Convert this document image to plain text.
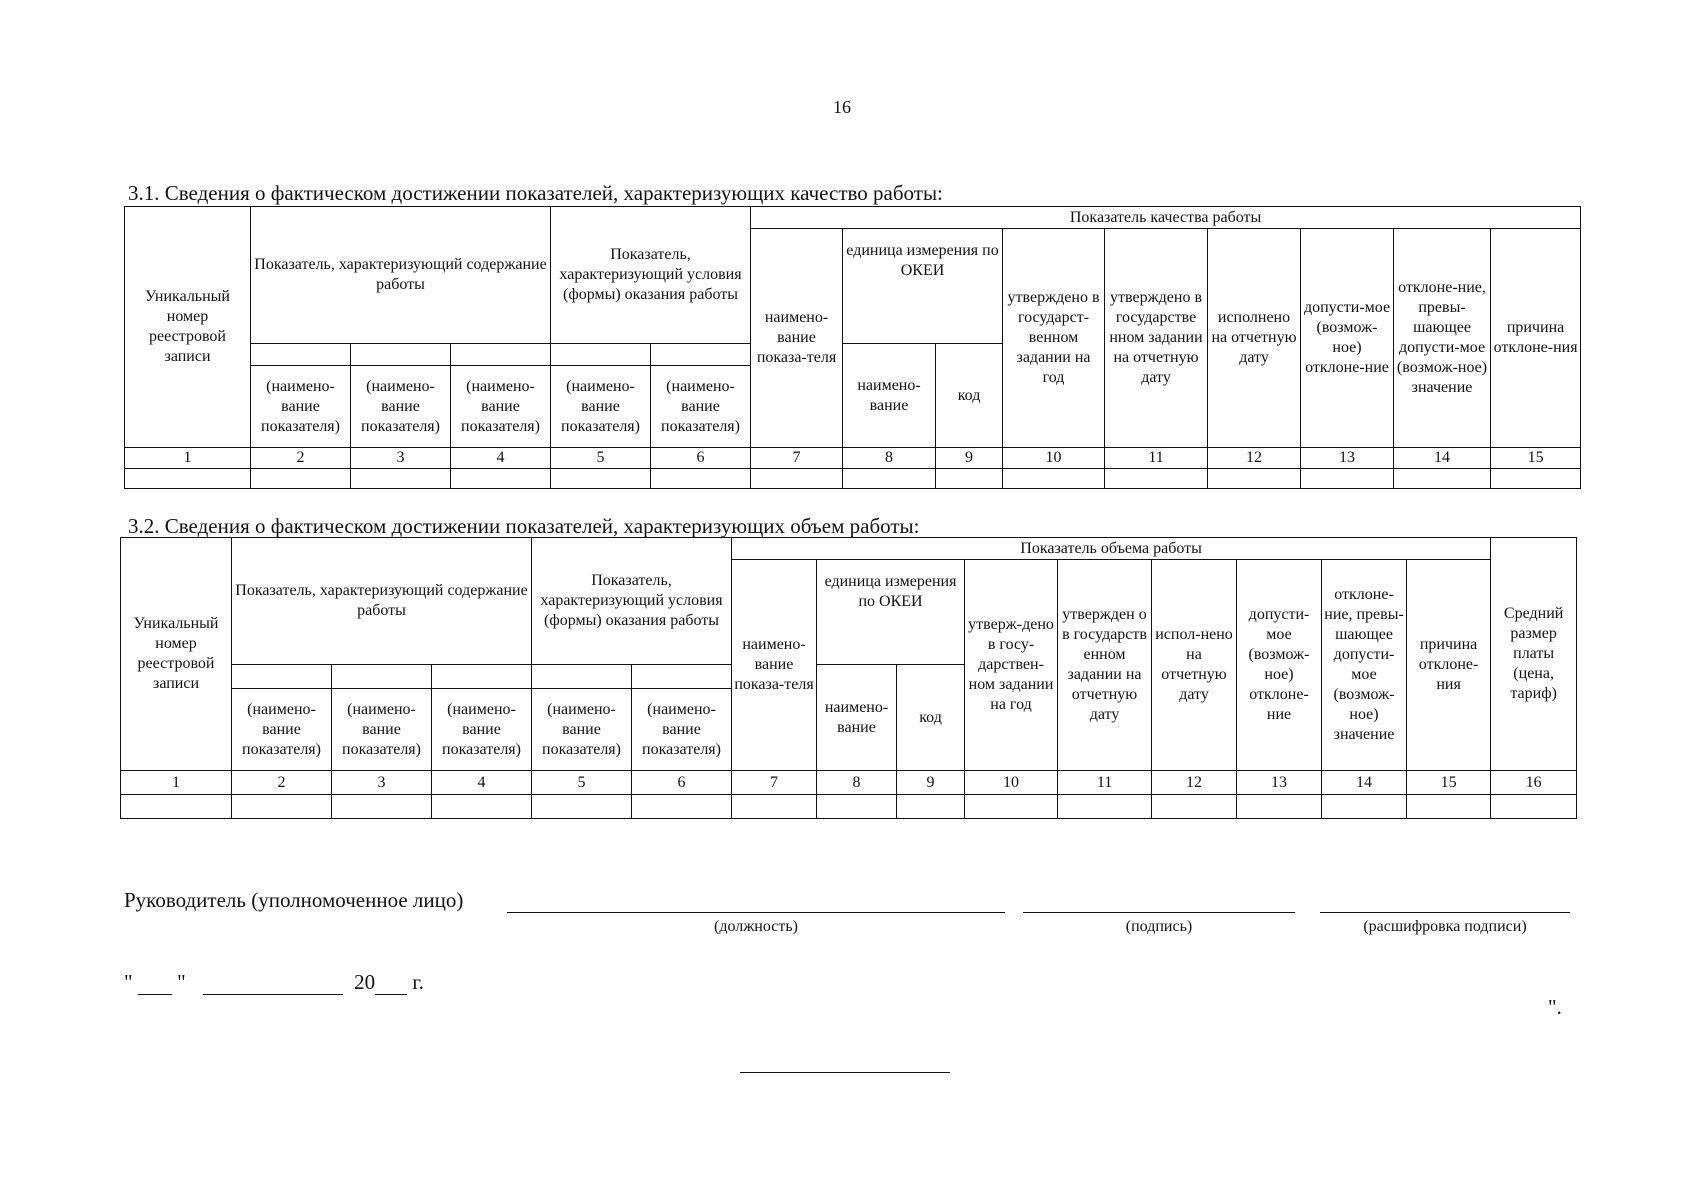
16
3.1. Сведения о фактическом достижении показателей, характеризующих качество работы:
Уникальный номер реестровой записи	Показатель, характеризующий содержание работы			Показатель, характеризующий условия (формы) оказания работы		Показатель качества работы								
						наимено-вание показа-теля	единица измерения по ОКЕИ		утверждено в государст-венном задании на год	утверждено в государстве нном задании на отчетную дату	исполнено на отчетную дату	допусти-мое (возмож-ное) отклоне-ние	отклоне-ние, превы-шающее допусти-мое (возмож-ное) значение	причина отклоне-ния
							наимено-вание	код						
	(наимено-вание показателя)	(наимено-вание показателя)	(наимено-вание показателя)	(наимено-вание показателя)	(наимено-вание показателя)									
1	2	3	4	5	6	7	8	9	10	11	12	13	14	15

3.2. Сведения о фактическом достижении показателей, характеризующих объем работы:
Уникальный номер реестровой записи	Показатель, характеризующий содержание работы			Показатель, характеризующий условия (формы) оказания работы		Показатель объема работы									Средний размер платы (цена, тариф)
						наимено-вание показа-теля	единица измерения по ОКЕИ		утверж-дено в госу-дарствен-ном задании на год	утвержден о в государств енном задании на отчетную дату	испол-нено на отчетную дату	допусти-мое (возмож-ное) отклоне-ние	отклоне-ние, превы-шающее допусти-мое (возмож-ное) значение	причина отклоне-ния	
							наимено-вание	код							
	(наимено-вание показателя)	(наимено-вание показателя)	(наимено-вание показателя)	(наимено-вание показателя)	(наимено-вание показателя)										
1	2	3	4	5	6	7	8	9	10	11	12	13	14	15	16

Руководитель (уполномоченное лицо)
(должность)	(подпись)	(расшифровка подписи)
" "	20 г.
".
